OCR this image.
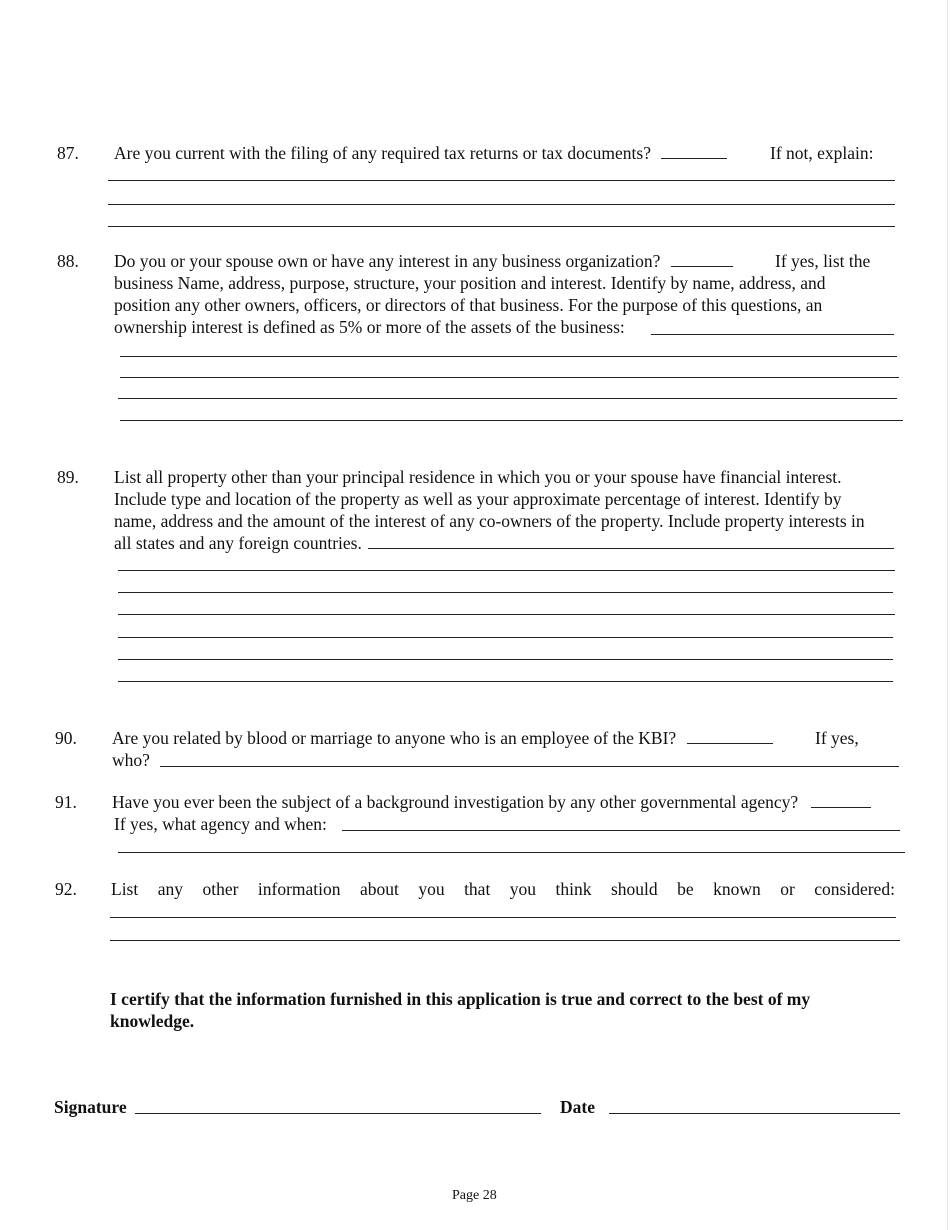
87. Are you current with the filing of any required tax returns or tax documents?	If not, explain:
88. Do you or your spouse own or have any interest in any business organization?	If yes, list the
business Name, address, purpose, structure, your position and interest. Identify by name, address, and
position any other owners, officers, or directors of that business. For the purpose of this questions, an
ownership interest is defined as 5% or more of the assets of the business:
89. List all property other than your principal residence in which you or your spouse have financial interest.
Include type and location of the property as well as your approximate percentage of interest. Identify by
name, address and the amount of the interest of any co-owners of the property. Include property interests in
all states and any foreign countries.
90. Are you related by blood or marriage to anyone who is an employee of the KBI?	If yes,
who?
91. Have you ever been the subject of a background investigation by any other governmental agency?
If yes, what agency and when:
92. List any other information about you that you think should be known or considered:
I certify that the information furnished in this application is true and correct to the best of my
knowledge.
Signature	Date
Page 28
